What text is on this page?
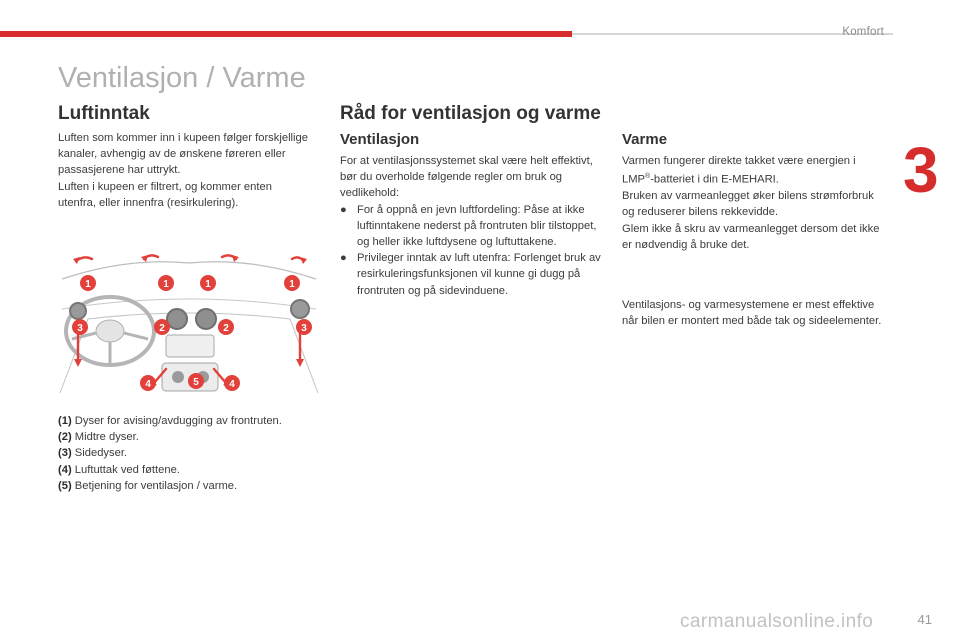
Komfort
3
Ventilasjon / Varme
Luftinntak

Luften som kommer inn i kupeen følger forskjellige kanaler, avhengig av de ønskene føreren eller passasjerene har uttrykt.

Luften i kupeen er filtrert, og kommer enten utenfra, eller innenfra (resirkulering).

1	1	1	1
2	2
3	3
4	4
5
(1) Dyser for avising/avdugging av frontruten.
(2) Midtre dyser.
(3) Sidedyser.
(4) Luftuttak ved føttene.
(5) Betjening for ventilasjon / varme.
Råd for ventilasjon og varme
Ventilasjon

For at ventilasjonssystemet skal være helt effektivt, bør du overholde følgende regler om bruk og vedlikehold:

● For å oppnå en jevn luftfordeling: Påse at ikke luftinntakene nederst på frontruten blir tilstoppet, og heller ikke luftdysene og luftuttakene.
● Privileger inntak av luft utenfra: Forlenget bruk av resirkuleringsfunksjonen vil kunne gi dugg på frontruten og på sidevinduene.
Varme

Varmen fungerer direkte takket være energien i LMP®-batteriet i din E-MEHARI.

Bruken av varmeanlegget øker bilens strømforbruk og reduserer bilens rekkevidde.

Glem ikke å skru av varmeanlegget dersom det ikke er nødvendig å bruke det.

Ventilasjons- og varmesystemene er mest effektive når bilen er montert med både tak og sideelementer.
carmanualsonline.info	41
